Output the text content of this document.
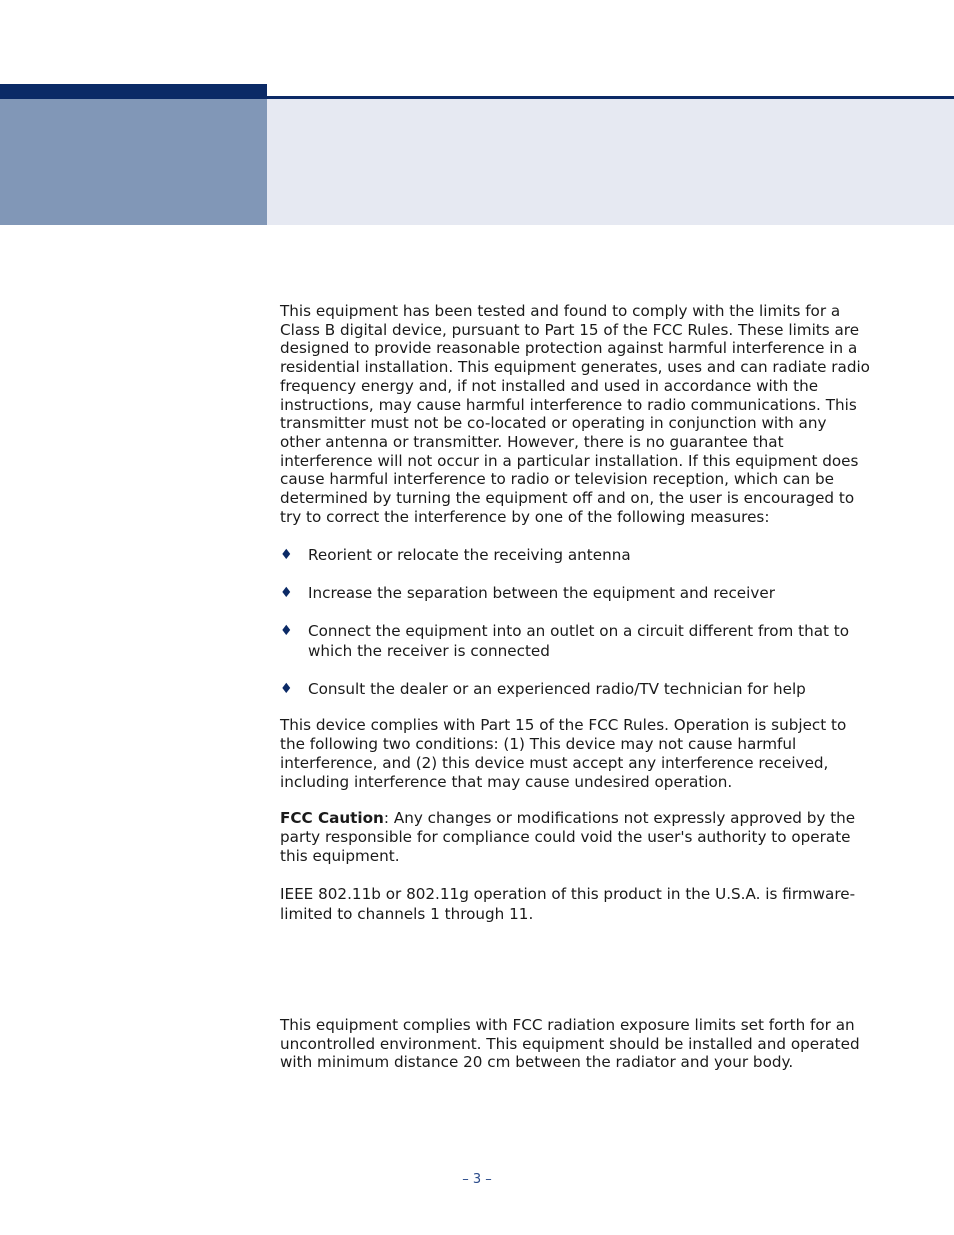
This equipment has been tested and found to comply with the limits for a Class B digital device, pursuant to Part 15 of the FCC Rules. These limits are designed to provide reasonable protection against harmful interference in a residential installation. This equipment generates, uses and can radiate radio frequency energy and, if not installed and used in accordance with the instructions, may cause harmful interference to radio communications. This transmitter must not be co-located or operating in conjunction with any other antenna or transmitter. However, there is no guarantee that interference will not occur in a particular installation. If this equipment does cause harmful interference to radio or television reception, which can be determined by turning the equipment off and on, the user is encouraged to try to correct the interference by one of the following measures:

♦ Reorient or relocate the receiving antenna
♦ Increase the separation between the equipment and receiver
♦ Connect the equipment into an outlet on a circuit different from that to which the receiver is connected
♦ Consult the dealer or an experienced radio/TV technician for help

This device complies with Part 15 of the FCC Rules. Operation is subject to the following two conditions: (1) This device may not cause harmful interference, and (2) this device must accept any interference received, including interference that may cause undesired operation.

FCC Caution: Any changes or modifications not expressly approved by the party responsible for compliance could void the user's authority to operate this equipment.

IEEE 802.11b or 802.11g operation of this product in the U.S.A. is firmware-limited to channels 1 through 11.

This equipment complies with FCC radiation exposure limits set forth for an uncontrolled environment. This equipment should be installed and operated with minimum distance 20 cm between the radiator and your body.

– 3 –
